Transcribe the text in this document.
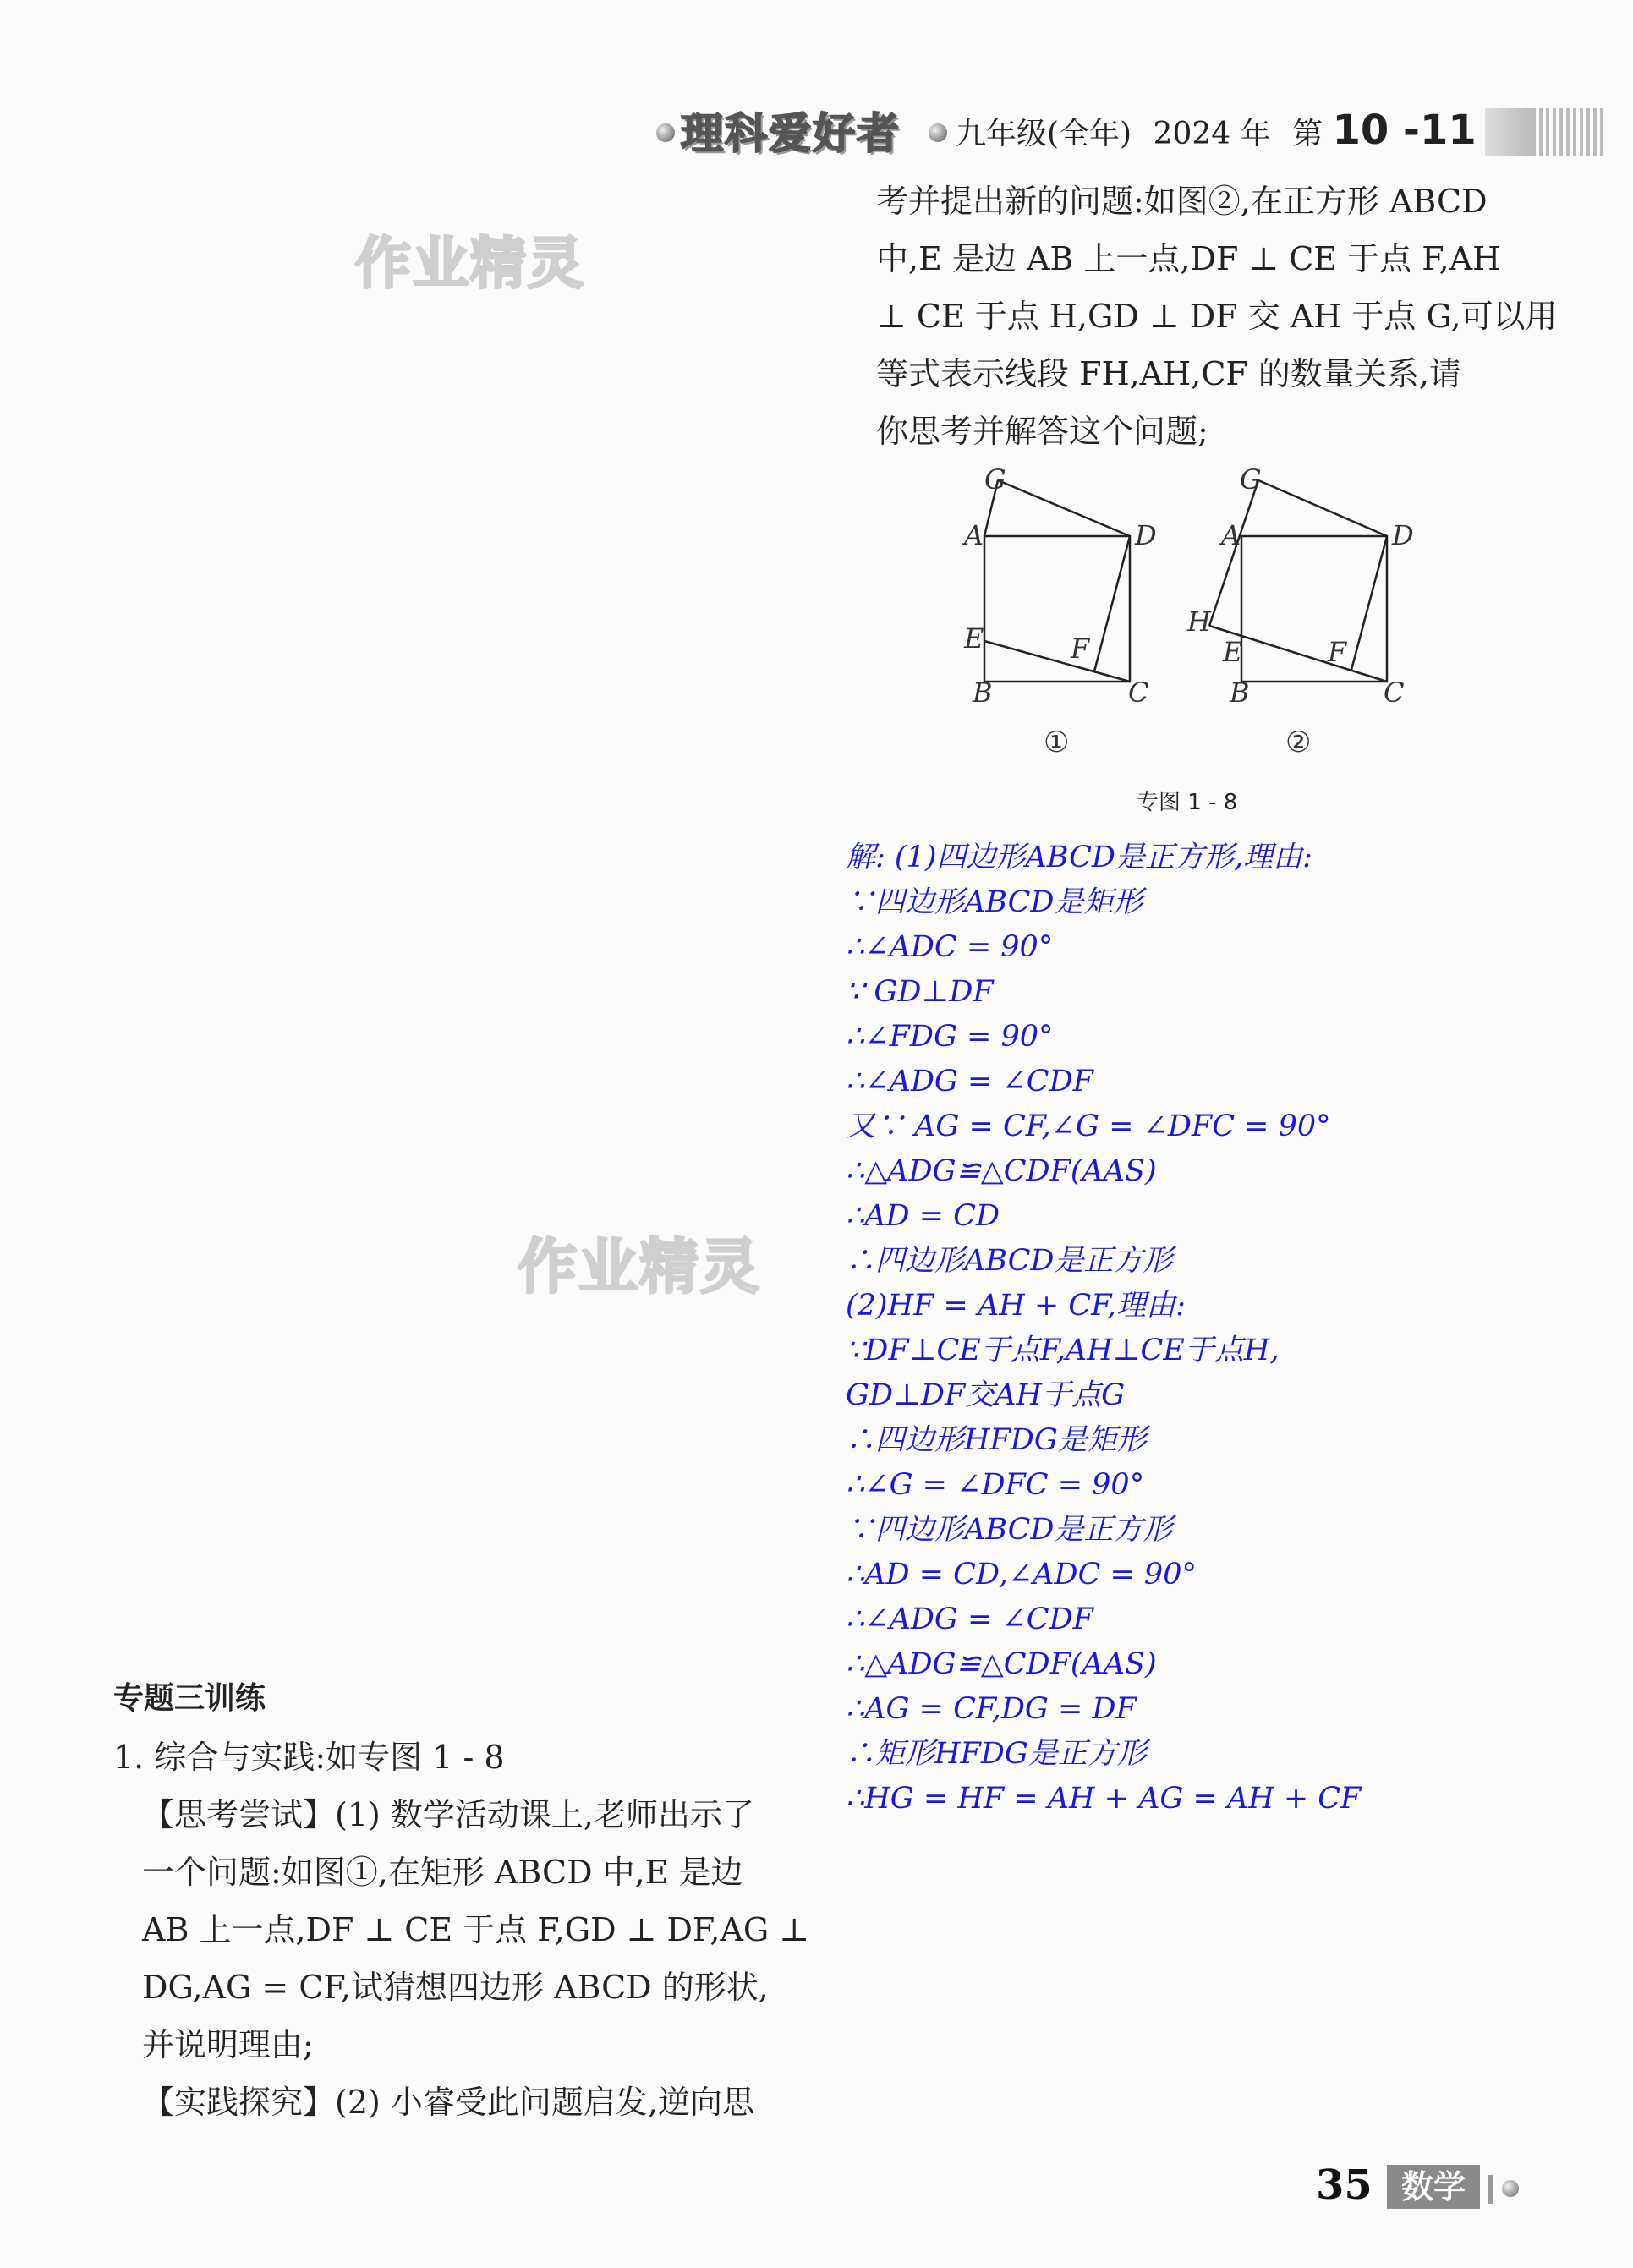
理科爱好者	九年级(全年) 2024 年 第 10 -11
作业精灵
作业精灵
考并提出新的问题:如图②,在正方形 ABCD
中,E 是边 AB 上一点,DF ⊥ CE 于点 F,AH
⊥ CE 于点 H,GD ⊥ DF 交 AH 于点 G,可以用
等式表示线段 FH,AH,CF 的数量关系,请
你思考并解答这个问题;
G
A	D
E	F
B	C
G
A	D
H
E	F
B	C
①	②
专图 1 - 8
解: (1)四边形ABCD是正方形,理由:
∵四边形ABCD是矩形
∴∠ADC = 90°
∵ GD⊥DF
∴∠FDG = 90°
∴∠ADG = ∠CDF
又∵ AG = CF,∠G = ∠DFC = 90°
∴△ADG≌△CDF(AAS)
∴AD = CD
∴四边形ABCD是正方形
(2)HF = AH + CF,理由:
∵DF⊥CE于点F,AH⊥CE于点H,
GD⊥DF交AH于点G
∴四边形HFDG是矩形
∴∠G = ∠DFC = 90°
∵四边形ABCD是正方形
∴AD = CD,∠ADC = 90°
∴∠ADG = ∠CDF
∴△ADG≌△CDF(AAS)
∴AG = CF,DG = DF
∴矩形HFDG是正方形
∴HG = HF = AH + AG = AH + CF
专题三训练
1. 综合与实践:如专图 1 - 8
【思考尝试】(1) 数学活动课上,老师出示了
一个问题:如图①,在矩形 ABCD 中,E 是边
AB 上一点,DF ⊥ CE 于点 F,GD ⊥ DF,AG ⊥
DG,AG = CF,试猜想四边形 ABCD 的形状,
并说明理由;
【实践探究】(2) 小睿受此问题启发,逆向思
35 数学
